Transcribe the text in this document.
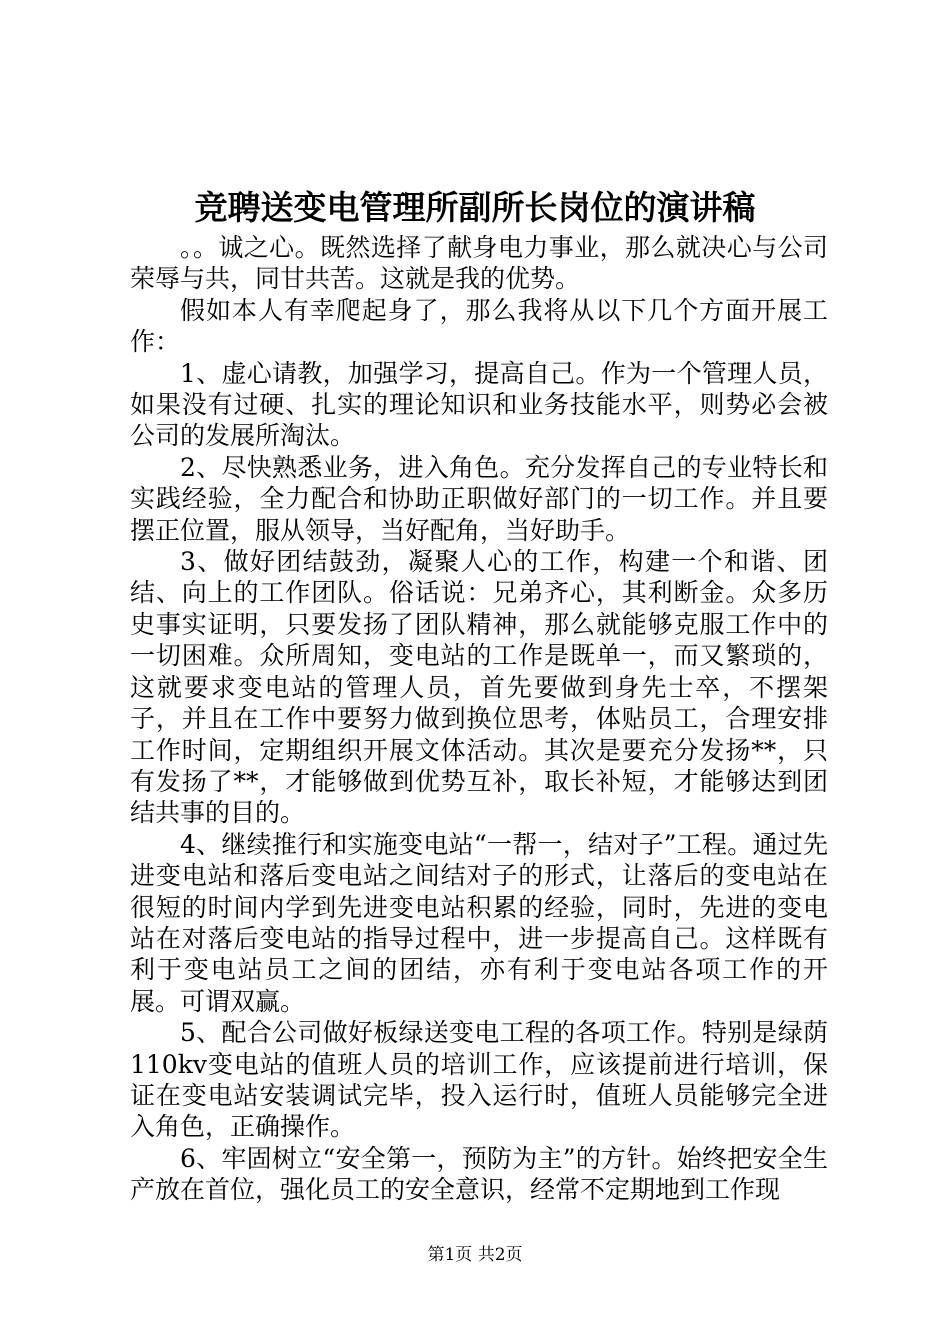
竞聘送变电管理所副所长岗位的演讲稿

。。诚之心。既然选择了献身电力事业，那么就决心与公司荣辱与共，同甘共苦。这就是我的优势。

假如本人有幸爬起身了，那么我将从以下几个方面开展工作：

1、虚心请教，加强学习，提高自己。作为一个管理人员，如果没有过硬、扎实的理论知识和业务技能水平，则势必会被公司的发展所淘汰。

2、尽快熟悉业务，进入角色。充分发挥自己的专业特长和实践经验，全力配合和协助正职做好部门的一切工作。并且要摆正位置，服从领导，当好配角，当好助手。

3、做好团结鼓劲，凝聚人心的工作，构建一个和谐、团结、向上的工作团队。俗话说：兄弟齐心，其利断金。众多历史事实证明，只要发扬了团队精神，那么就能够克服工作中的一切困难。众所周知，变电站的工作是既单一，而又繁琐的，这就要求变电站的管理人员，首先要做到身先士卒，不摆架子，并且在工作中要努力做到换位思考，体贴员工，合理安排工作时间，定期组织开展文体活动。其次是要充分发扬**，只有发扬了**，才能够做到优势互补，取长补短，才能够达到团结共事的目的。

4、继续推行和实施变电站“一帮一，结对子”工程。通过先进变电站和落后变电站之间结对子的形式，让落后的变电站在很短的时间内学到先进变电站积累的经验，同时，先进的变电站在对落后变电站的指导过程中，进一步提高自己。这样既有利于变电站员工之间的团结，亦有利于变电站各项工作的开展。可谓双赢。

5、配合公司做好板绿送变电工程的各项工作。特别是绿荫110kv变电站的值班人员的培训工作，应该提前进行培训，保证在变电站安装调试完毕，投入运行时，值班人员能够完全进入角色，正确操作。

6、牢固树立“安全第一，预防为主”的方针。始终把安全生产放在首位，强化员工的安全意识，经常不定期地到工作现

第1页 共2页
